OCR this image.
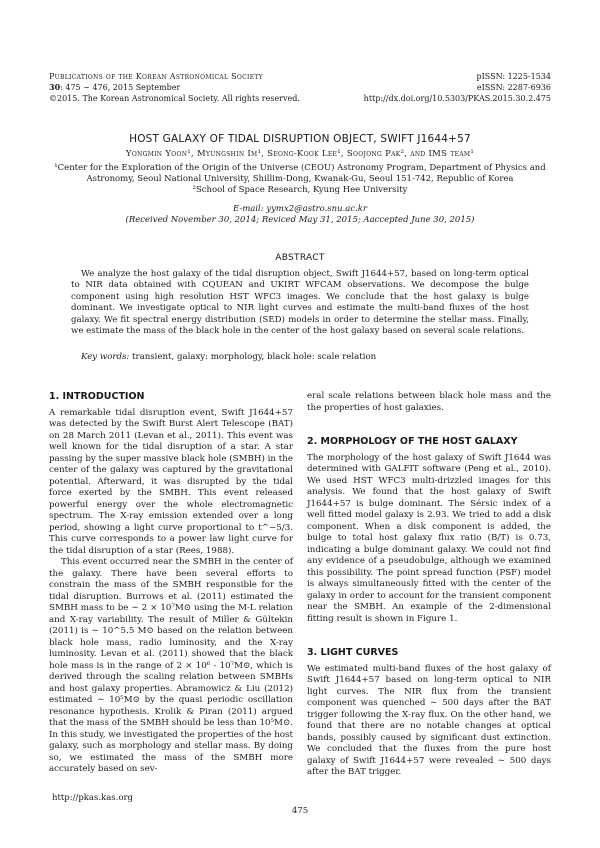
Publications of the Korean Astronomical Society
30: 475 ∼ 476, 2015 September
©2015. The Korean Astronomical Society. All rights reserved.
pISSN: 1225-1534
eISSN: 2287-6936
http://dx.doi.org/10.5303/PKAS.2015.30.2.475
HOST GALAXY OF TIDAL DISRUPTION OBJECT, SWIFT J1644+57
Yongmin Yoon¹, Myungshin Im¹, Seong-Kook Lee¹, Soojong Pak², and IMS team¹
¹Center for the Exploration of the Origin of the Universe (CEOU) Astronomy Program, Department of Physics and
Astronomy, Seoul National University, Shillim-Dong, Kwanak-Gu, Seoul 151-742, Republic of Korea
²School of Space Research, Kyung Hee University
E-mail: yymx2@astro.snu.ac.kr
(Received November 30, 2014; Reviced May 31, 2015; Aaccepted June 30, 2015)
ABSTRACT
We analyze the host galaxy of the tidal disruption object, Swift J1644+57, based on long-term optical to NIR data obtained with CQUEAN and UKIRT WFCAM observations. We decompose the bulge component using high resolution HST WFC3 images. We conclude that the host galaxy is bulge dominant. We investigate optical to NIR light curves and estimate the multi-band fluxes of the host galaxy. We fit spectral energy distribution (SED) models in order to determine the stellar mass. Finally, we estimate the mass of the black hole in the center of the host galaxy based on several scale relations.
Key words: transient, galaxy: morphology, black hole: scale relation
1. INTRODUCTION

A remarkable tidal disruption event, Swift J1644+57 was detected by the Swift Burst Alert Telescope (BAT) on 28 March 2011 (Levan et al., 2011). This event was well known for the tidal disruption of a star. A star passing by the super massive black hole (SMBH) in the center of the galaxy was captured by the gravitational potential. Afterward, it was disrupted by the tidal force exerted by the SMBH. This event released powerful energy over the whole electromagnetic spectrum. The X-ray emission extended over a long period, showing a light curve proportional to t^−5/3. This curve corresponds to a power law light curve for the tidal disruption of a star (Rees, 1988).

This event occurred near the SMBH in the center of the galaxy. There have been several efforts to constrain the mass of the SMBH responsible for the tidal disruption. Burrows et al. (2011) estimated the SMBH mass to be ∼ 2 × 10⁷M⊙ using the M-L relation and X-ray variability. The result of Miller & Gültekin (2011) is ∼ 10^5.5 M⊙ based on the relation between black hole mass, radio luminosity, and the X-ray luminosity. Levan et al. (2011) showed that the black hole mass is in the range of 2 × 10⁶ - 10⁷M⊙, which is derived through the scaling relation between SMBHs and host galaxy properties. Abramowicz & Liu (2012) estimated ∼ 10⁵M⊙ by the quasi periodic oscillation resonance hypothesis. Krolik & Piran (2011) argued that the mass of the SMBH should be less than 10⁵M⊙. In this study, we investigated the properties of the host galaxy, such as morphology and stellar mass. By doing so, we estimated the mass of the SMBH more accurately based on sev-

eral scale relations between black hole mass and the the properties of host galaxies.

2. MORPHOLOGY OF THE HOST GALAXY

The morphology of the host galaxy of Swift J1644 was determined with GALFIT software (Peng et al., 2010). We used HST WFC3 multi-drizzled images for this analysis. We found that the host galaxy of Swift J1644+57 is bulge dominant. The Sérsic index of a well fitted model galaxy is 2.93. We tried to add a disk component. When a disk component is added, the bulge to total host galaxy flux ratio (B/T) is 0.73, indicating a bulge dominant galaxy. We could not find any evidence of a pseudobulge, although we examined this possibility. The point spread function (PSF) model is always simultaneously fitted with the center of the galaxy in order to account for the transient component near the SMBH. An example of the 2-dimensional fitting result is shown in Figure 1.

3. LIGHT CURVES

We estimated multi-band fluxes of the host galaxy of Swift J1644+57 based on long-term optical to NIR light curves. The NIR flux from the transient component was quenched ∼ 500 days after the BAT trigger following the X-ray flux. On the other hand, we found that there are no notable changes at optical bands, possibly caused by significant dust extinction. We concluded that the fluxes from the pure host galaxy of Swift J1644+57 were revealed ∼ 500 days after the BAT trigger.

http://pkas.kas.org
475
